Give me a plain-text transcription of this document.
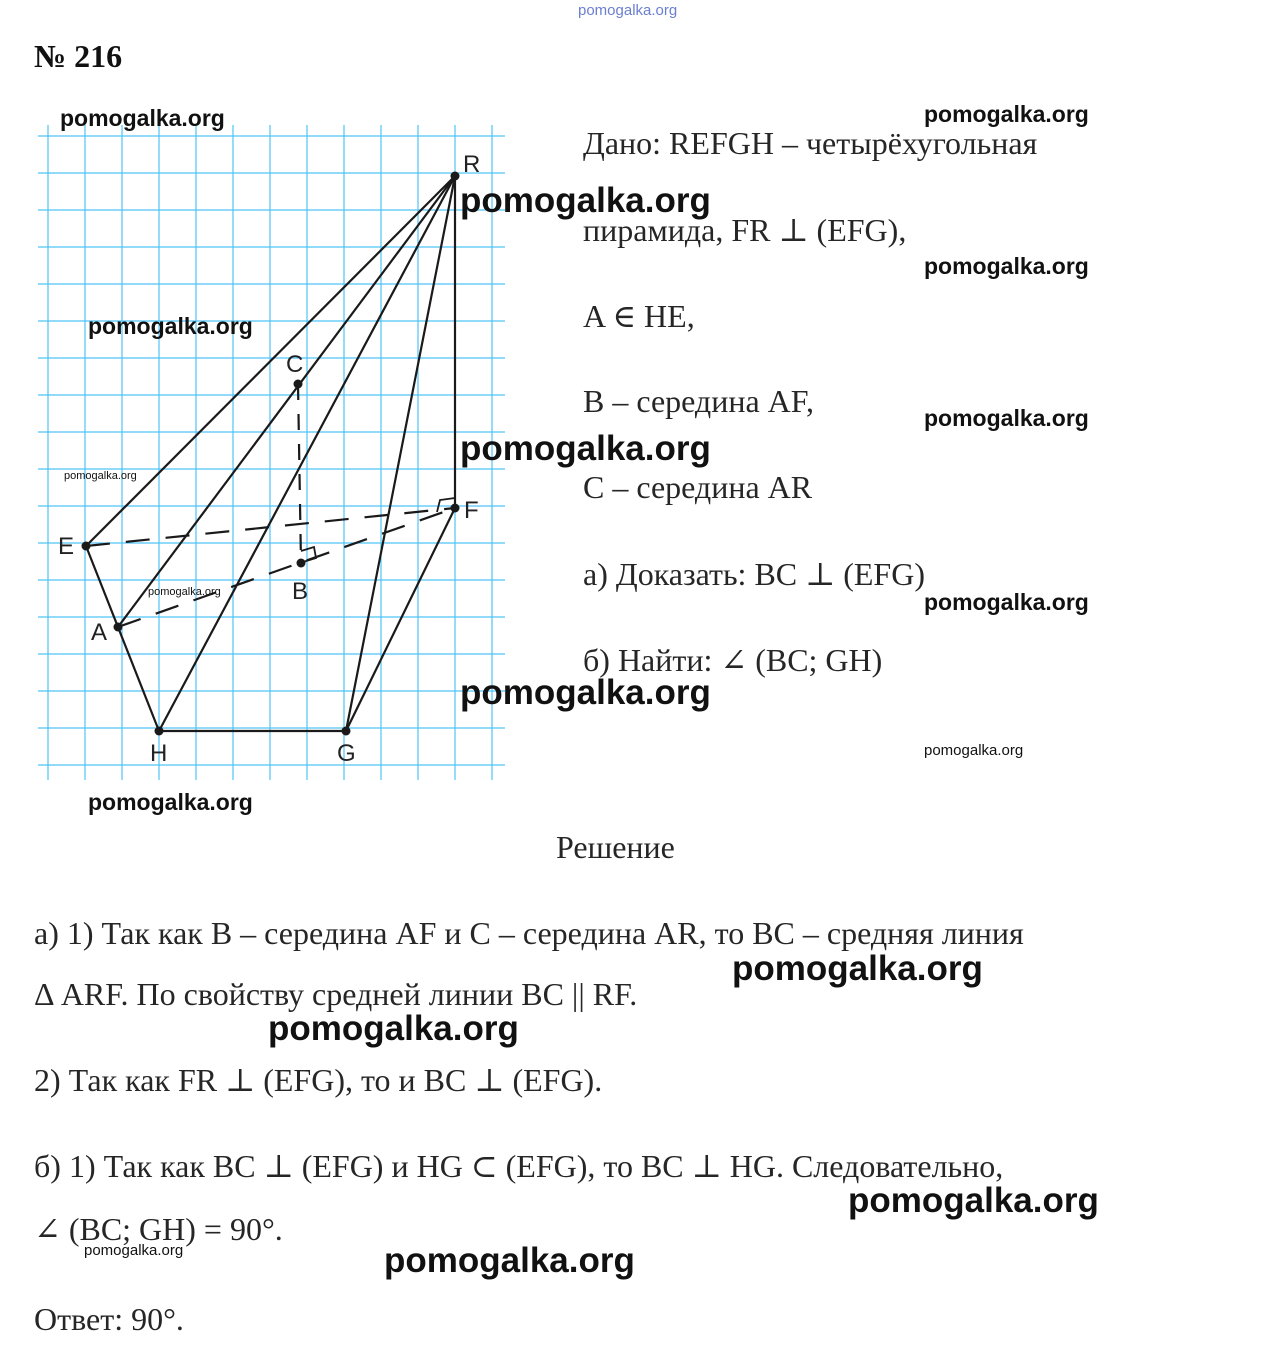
pomogalka.org
№ 216
R
C
F
E
B
A
H	G
Дано: REFGH – четырёхугольная
пирамида, FR ⊥ (EFG),
A ∈ HE,
B – середина AF,
C – середина AR
а) Доказать: BC ⊥ (EFG)
б) Найти: ∠ (BC; GH)
Решение
а) 1) Так как B – середина AF и C – середина AR, то BC – средняя линия
Δ ARF. По свойству средней линии BC || RF.
2) Так как FR ⊥ (EFG), то и BC ⊥ (EFG).
б) 1) Так как BC ⊥ (EFG) и HG ⊂ (EFG), то BC ⊥ HG. Следовательно,
∠ (BC; GH) = 90°.
Ответ: 90°.
pomogalka.org	pomogalka.org
pomogalka.org
pomogalka.org
pomogalka.org
pomogalka.org
pomogalka.org
pomogalka.org
pomogalka.org	pomogalka.org
pomogalka.org
pomogalka.org
pomogalka.org
pomogalka.org
pomogalka.org
pomogalka.org
pomogalka.org	pomogalka.org
